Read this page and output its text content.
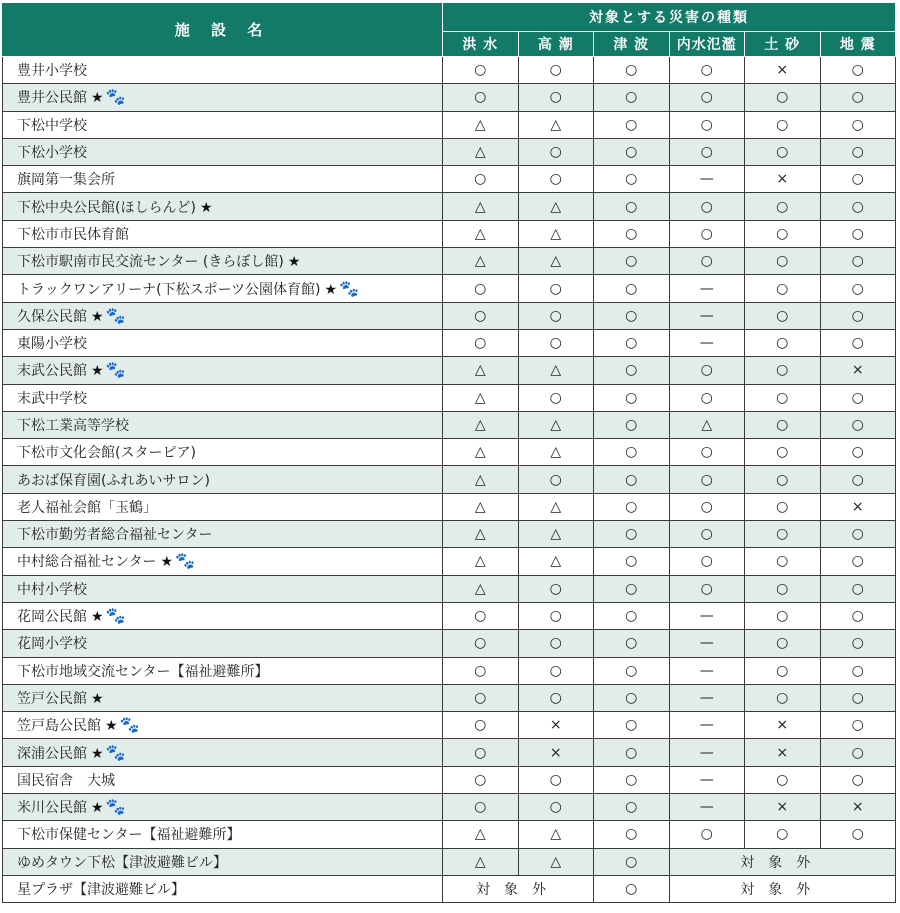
施 設 名	対象とする災害の種類					
	洪 水	高 潮	津 波	内水氾濫	土 砂	地 震
豊井小学校	○	○	○	○	×	○
豊井公民館 ★ 🐾	○	○	○	○	○	○
下松中学校	△	△	○	○	○	○
下松小学校	△	○	○	○	○	○
旗岡第一集会所	○	○	○	—	×	○
下松中央公民館(ほしらんど) ★	△	△	○	○	○	○
下松市市民体育館	△	△	○	○	○	○
下松市駅南市民交流センター (きらぼし館) ★	△	△	○	○	○	○
トラックワンアリーナ(下松スポーツ公園体育館) ★ 🐾	○	○	○	—	○	○
久保公民館 ★ 🐾	○	○	○	—	○	○
東陽小学校	○	○	○	—	○	○
末武公民館 ★ 🐾	△	△	○	○	○	×
末武中学校	△	○	○	○	○	○
下松工業高等学校	△	△	○	△	○	○
下松市文化会館(スターピア)	△	△	○	○	○	○
あおば保育園(ふれあいサロン)	△	○	○	○	○	○
老人福祉会館「玉鶴」	△	△	○	○	○	×
下松市勤労者総合福祉センター	△	△	○	○	○	○
中村総合福祉センター ★ 🐾	△	△	○	○	○	○
中村小学校	△	○	○	○	○	○
花岡公民館 ★ 🐾	○	○	○	—	○	○
花岡小学校	○	○	○	—	○	○
下松市地域交流センター【福祉避難所】	○	○	○	—	○	○
笠戸公民館 ★	○	○	○	—	○	○
笠戸島公民館 ★ 🐾	○	×	○	—	×	○
深浦公民館 ★ 🐾	○	×	○	—	×	○
国民宿舎　大城	○	○	○	—	○	○
米川公民館 ★ 🐾	○	○	○	—	×	×
下松市保健センター【福祉避難所】	△	△	○	○	○	○
ゆめタウン下松【津波避難ビル】	△	△	○	対象外		
星プラザ【津波避難ビル】	対象外		○	対象外		
